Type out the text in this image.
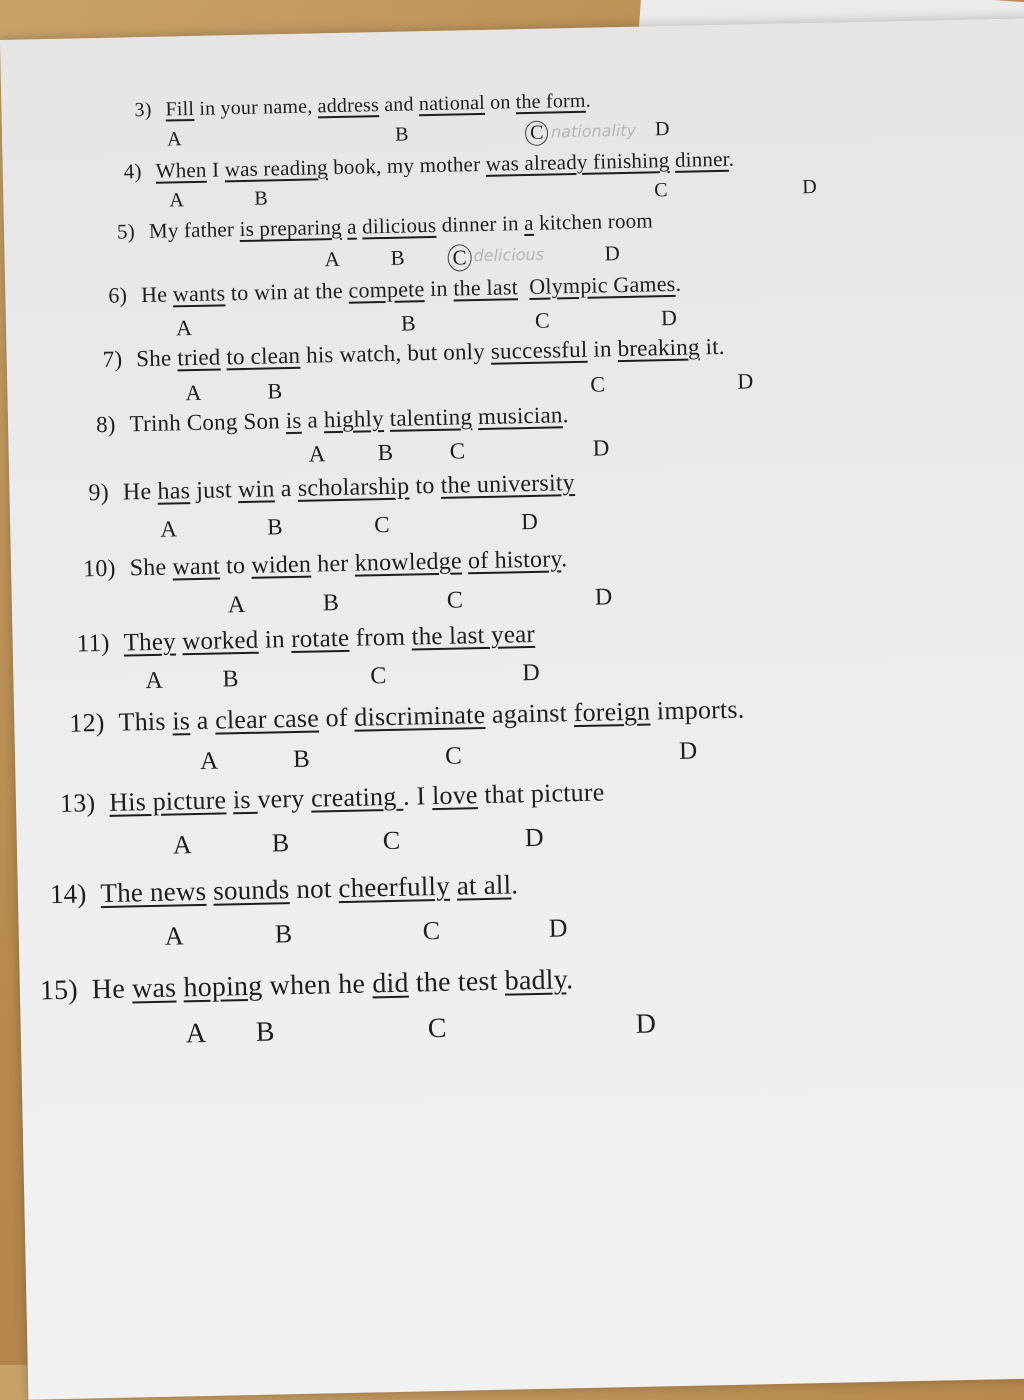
3) Fill in your name, address and national on the form.
A	B	C	D
nationality
4) When I was reading book, my mother was already finishing dinner.
A	B	C	D
5) My father is preparing a dilicious dinner in a kitchen room
A B C	D
delicious
6) He wants to win at the compete in the last Olympic Games.
A	B	C	D
7) She tried to clean his watch, but only successful in breaking it.
A	B	C	D
8) Trinh Cong Son is a highly talenting musician.
A B C	D
9) He has just win a scholarship to the university
A	B	C	D
10) She want to widen her knowledge of history.
A	B	C	D
11) They worked in rotate from the last year
A B	C	D
12) This is a clear case of discriminate against foreign imports.
A	B	C	D
13) His picture is very creating . I love that picture
A	B	C	D
14) The news sounds not cheerfully at all.
A	B	C	D
15) He was hoping when he did the test badly.
A B	C	D
